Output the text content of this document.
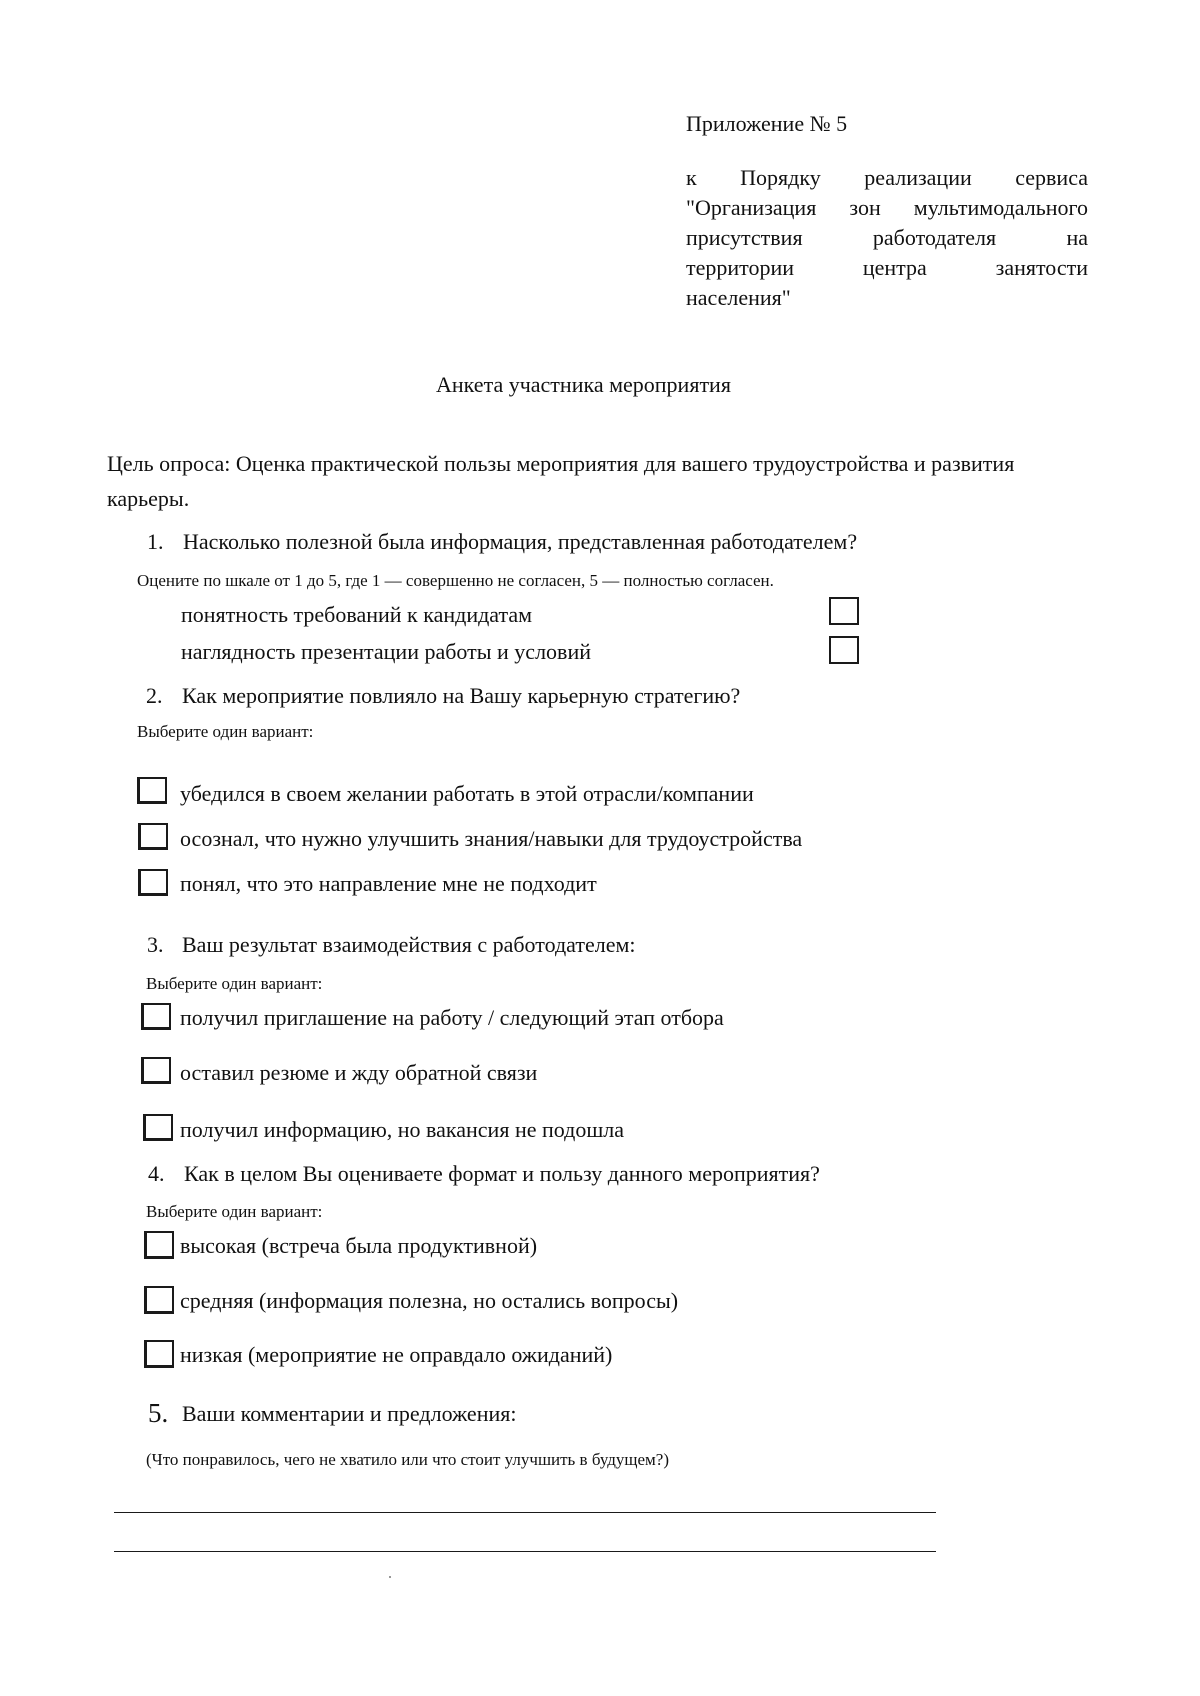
Приложение № 5
к Порядку реализации сервиса
"Организация зон мультимодального
присутствия работодателя на
территории центра занятости
населения"
Анкета участника мероприятия
Цель опроса: Оценка практической пользы мероприятия для вашего трудоустройства и развития карьеры.
1. Насколько полезной была информация, представленная работодателем?
Оцените по шкале от 1 до 5, где 1 — совершенно не согласен, 5 — полностью согласен.
понятность требований к кандидатам
наглядность презентации работы и условий
2. Как мероприятие повлияло на Вашу карьерную стратегию?
Выберите один вариант:
убедился в своем желании работать в этой отрасли/компании
осознал, что нужно улучшить знания/навыки для трудоустройства
понял, что это направление мне не подходит
3. Ваш результат взаимодействия с работодателем:
Выберите один вариант:
получил приглашение на работу / следующий этап отбора
оставил резюме и жду обратной связи
получил информацию, но вакансия не подошла
4. Как в целом Вы оцениваете формат и пользу данного мероприятия?
Выберите один вариант:
высокая (встреча была продуктивной)
средняя (информация полезна, но остались вопросы)
низкая (мероприятие не оправдало ожиданий)
5. Ваши комментарии и предложения:
(Что понравилось, чего не хватило или что стоит улучшить в будущем?)
